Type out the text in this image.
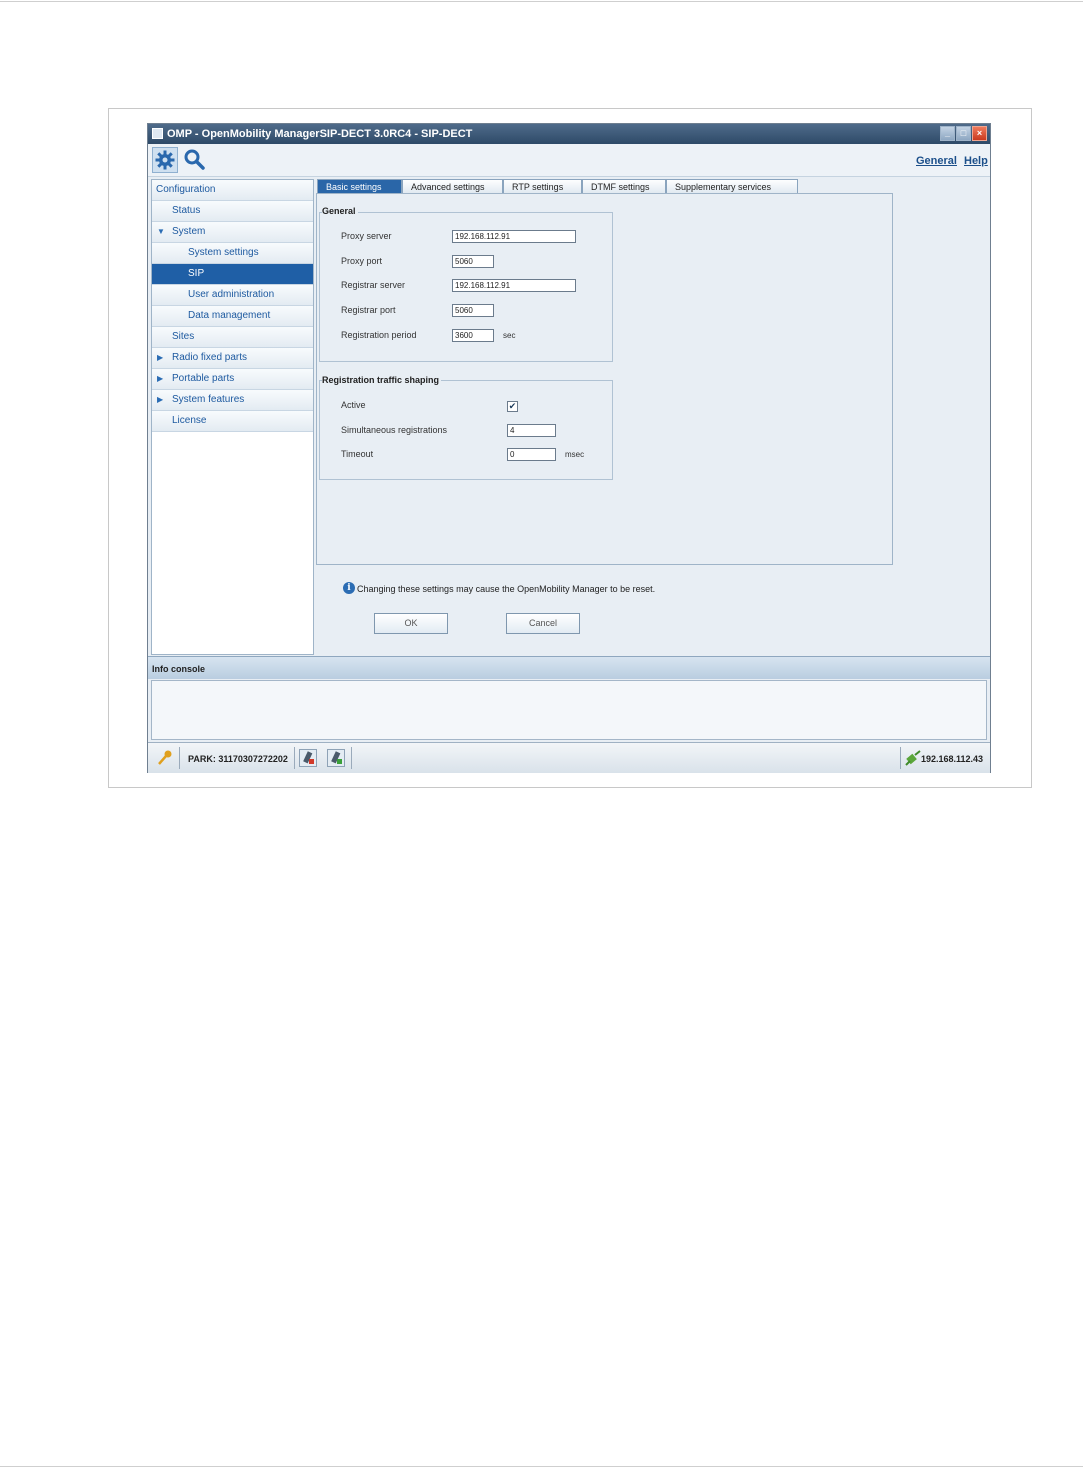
OMP - OpenMobility ManagerSIP-DECT 3.0RC4 - SIP-DECT	_	□	×
General Help
Configuration
Status
▼ System
System settings
SIP
User administration
Data management
Sites
▶ Radio fixed parts
▶ Portable parts
▶ System features
License
Basic settings	Advanced settings	RTP settings	DTMF settings	Supplementary services
General
Proxy server	192.168.112.91
Proxy port	5060
Registrar server	192.168.112.91
Registrar port	5060
Registration period	3600	sec
Registration traffic shaping
Active	✔
Simultaneous registrations	4
Timeout	0	msec
i Changing these settings may cause the OpenMobility Manager to be reset.
OK	Cancel
Info console
PARK: 31170307272202	192.168.112.43
